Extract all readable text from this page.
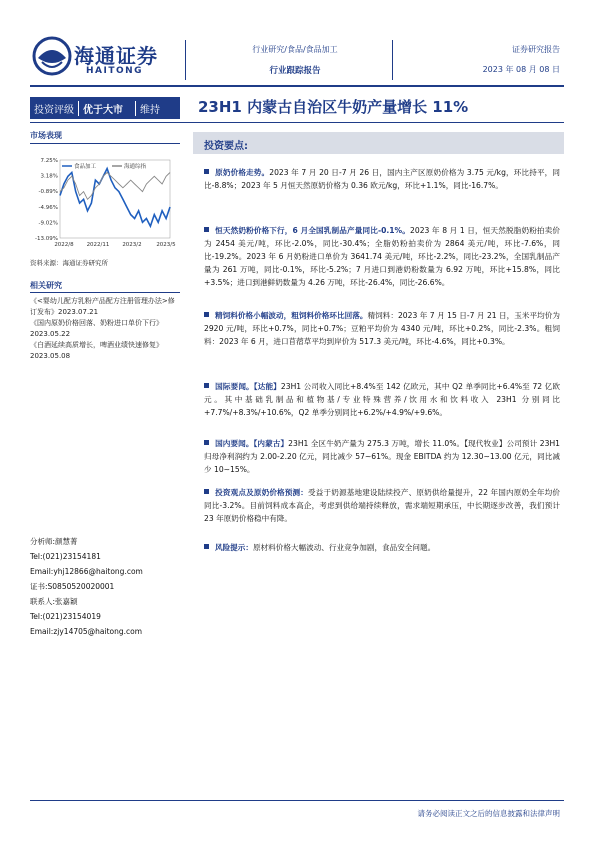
海通证券
HAITONG
行业研究/食品/食品加工
行业跟踪报告
证券研究报告
2023 年 08 月 08 日
投资评级 优于大市	维持	23H1 内蒙古自治区牛奶产量增长 11%
市场表现
7.25%
3.18%
-0.89%
-4.96%
-9.02%
-13.09%
2022/8 2022/11 2023/2	2023/5
食品加工	海通综指
资料来源：海通证券研究所
相关研究
《<婴幼儿配方乳粉产品配方注册管理办法>修订发布》2023.07.21
《国内原奶价格回落、奶粉进口单价下行》2023.05.22
《白酒延续高质增长，啤酒业绩快速修复》2023.05.08
分析师:颜慧菁
Tel:(021)23154181
Email:yhj12866@haitong.com
证书:S0850520020001
联系人:张嘉颖
Tel:(021)23154019
Email:zjy14705@haitong.com
投资要点:
原奶价格走势。2023 年 7 月 20 日-7 月 26 日，国内主产区原奶价格为 3.75 元/kg，环比持平，同比-8.8%；2023 年 5 月恒天然原奶价格为 0.36 欧元/kg，环比+1.1%，同比-16.7%。
恒天然奶粉价格下行，6 月全国乳制品产量同比-0.1%。2023 年 8 月 1 日，恒天然脱脂奶粉拍卖价为 2454 美元/吨，环比-2.0%，同比-30.4%；全脂奶粉拍卖价为 2864 美元/吨，环比-7.6%，同比-19.2%。2023 年 6 月奶粉进口单价为 3641.74 美元/吨，环比-2.2%，同比-23.2%，全国乳制品产量为 261 万吨，同比-0.1%，环比-5.2%；7 月进口到港奶粉数量为 6.92 万吨，环比+15.8%，同比+3.5%；进口到港鲜奶数量为 4.26 万吨，环比-26.4%，同比-26.6%。
精饲料价格小幅波动，粗饲料价格环比回落。精饲料：2023 年 7 月 15 日-7 月 21 日，玉米平均价为 2920 元/吨，环比+0.7%，同比+0.7%；豆粕平均价为 4340 元/吨，环比+0.2%，同比-2.3%。粗饲料：2023 年 6 月，进口苜蓿草平均到岸价为 517.3 美元/吨，环比-4.6%，同比+0.3%。
国际要闻。【达能】23H1 公司收入同比+8.4%至 142 亿欧元，其中 Q2 单季同比+6.4%至 72 亿欧元。其中基础乳制品和植物基/专业特殊营养/饮用水和饮料收入 23H1 分别同比+7.7%/+8.3%/+10.6%，Q2 单季分别同比+6.2%/+4.9%/+9.6%。
国内要闻。【内蒙古】23H1 全区牛奶产量为 275.3 万吨，增长 11.0%。【现代牧业】公司预计 23H1 归母净利润约为 2.00-2.20 亿元，同比减少 57~61%。现金 EBITDA 约为 12.30~13.00 亿元，同比减少 10~15%。
投资观点及原奶价格预测：受益于奶源基地建设陆续投产、原奶供给量提升，22 年国内原奶全年均价同比-3.2%。目前饲料成本高企，考虑到供给端持续释放，需求端短期承压，中长期逐步改善，我们预计 23 年原奶价格稳中有降。
风险提示：原材料价格大幅波动、行业竞争加剧，食品安全问题。
请务必阅读正文之后的信息披露和法律声明
